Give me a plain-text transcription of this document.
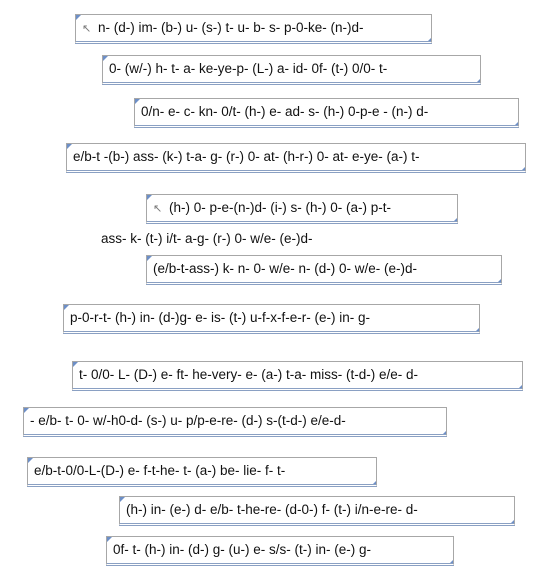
↖ n- (d-) im- (b-) u- (s-) t- u- b- s- p-0-ke- (n-)d-
0- (w/-) h- t- a- ke-ye-p- (L-) a- id- 0f- (t-) 0/0- t-
0/n- e- c- kn- 0/t- (h-) e- ad- s- (h-) 0-p-e - (n-) d-
e/b-t -(b-) ass- (k-) t-a- g- (r-) 0- at- (h-r-) 0- at- e-ye- (a-) t-
↖ (h-) 0- p-e-(n-)d- (i-) s- (h-) 0- (a-) p-t-
ass- k- (t-) i/t- a-g- (r-) 0- w/e- (e-)d-
(e/b-t-ass-) k- n- 0- w/e- n- (d-) 0- w/e- (e-)d-
p-0-r-t- (h-) in- (d-)g- e- is- (t-) u-f-x-f-e-r- (e-) in- g-
t- 0/0- L- (D-) e- ft- he-very- e- (a-) t-a- miss- (t-d-) e/e- d-
- e/b- t- 0- w/-h0-d- (s-) u- p/p-e-re- (d-) s-(t-d-) e/e-d-
e/b-t-0/0-L-(D-) e- f-t-he- t- (a-) be- lie- f- t-
(h-) in- (e-) d- e/b- t-he-re- (d-0-) f- (t-) i/n-e-re- d-
0f- t- (h-) in- (d-) g- (u-) e- s/s- (t-) in- (e-) g-
